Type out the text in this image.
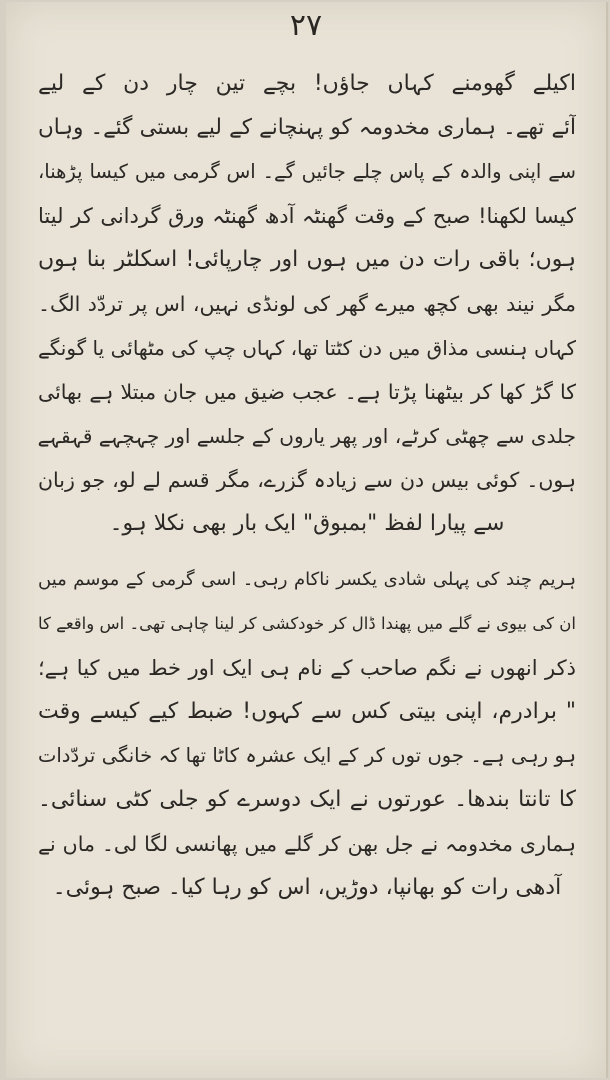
۲۷
اکیلے گھومنے کہاں جاؤں! بچے تین چار دن کے لیے
آئے تھے۔ ہماری مخدومہ کو پہنچانے کے لیے بستی گئے۔ وہاں
سے اپنی والدہ کے پاس چلے جائیں گے۔ اس گرمی میں کیسا پڑھنا،
کیسا لکھنا! صبح کے وقت گھنٹہ آدھ گھنٹہ ورق گردانی کر لیتا
ہوں؛ باقی رات دن میں ہوں اور چارپائی! اسکلٹر بنا ہوں
مگر نیند بھی کچھ میرے گھر کی لونڈی نہیں، اس پر تردّد الگ۔
کہاں ہنسی مذاق میں دن کٹتا تھا، کہاں چپ کی مٹھائی یا گونگے
کا گڑ کھا کر بیٹھنا پڑتا ہے۔ عجب ضیق میں جان مبتلا ہے بھائی
جلدی سے چھٹی کرٹے، اور پھر یاروں کے جلسے اور چہچہے قہقہے
ہوں۔ کوئی بیس دن سے زیادہ گزرے، مگر قسم لے لو، جو زبان
سے پیارا لفظ "بمبوق" ایک بار بھی نکلا ہو۔
ہریم چند کی پہلی شادی یکسر ناکام رہی۔ اسی گرمی کے موسم میں
ان کی بیوی نے گلے میں پھندا ڈال کر خودکشی کر لینا چاہی تھی۔ اس واقعے کا
ذکر انھوں نے نگم صاحب کے نام ہی ایک اور خط میں کیا ہے؛
" برادرم، اپنی بیتی کس سے کہوں! ضبط کیے کیسے وقت
ہو رہی ہے۔ جوں توں کر کے ایک عشرہ کاٹا تھا کہ خانگی تردّدات
کا تانتا بندھا۔ عورتوں نے ایک دوسرے کو جلی کٹی سنائی۔
ہماری مخدومہ نے جل بھن کر گلے میں پھانسی لگا لی۔ ماں نے
آدھی رات کو بھانپا، دوڑیں، اس کو رہا کیا۔ صبح ہوئی۔
